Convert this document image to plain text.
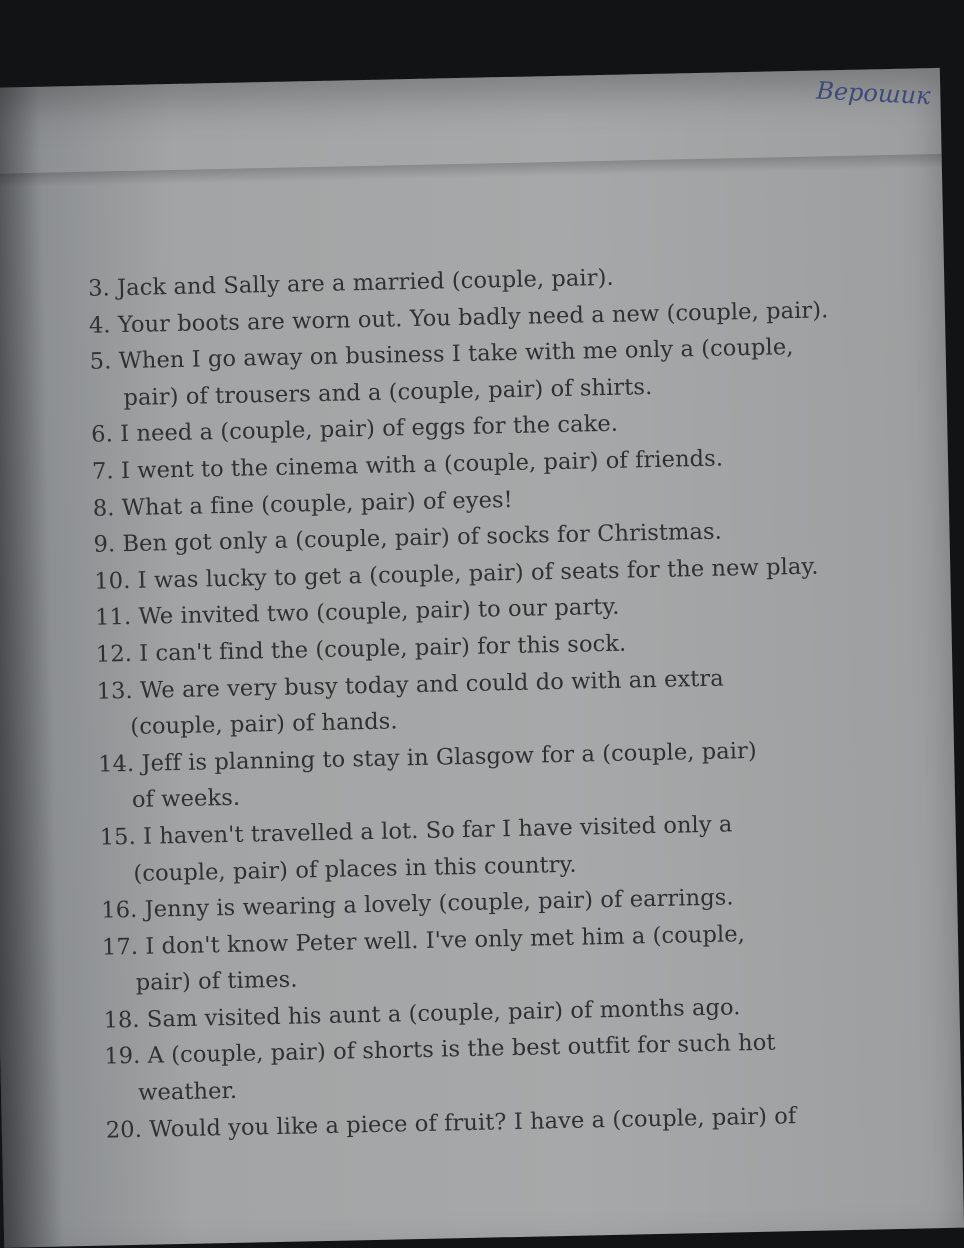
Верошик
3. Jack and Sally are a married (couple, pair).
4. Your boots are worn out. You badly need a new (couple, pair).
5. When I go away on business I take with me only a (couple,
pair) of trousers and a (couple, pair) of shirts.
6. I need a (couple, pair) of eggs for the cake.
7. I went to the cinema with a (couple, pair) of friends.
8. What a fine (couple, pair) of eyes!
9. Ben got only a (couple, pair) of socks for Christmas.
10. I was lucky to get a (couple, pair) of seats for the new play.
11. We invited two (couple, pair) to our party.
12. I can't find the (couple, pair) for this sock.
13. We are very busy today and could do with an extra
(couple, pair) of hands.
14. Jeff is planning to stay in Glasgow for a (couple, pair)
of weeks.
15. I haven't travelled a lot. So far I have visited only a
(couple, pair) of places in this country.
16. Jenny is wearing a lovely (couple, pair) of earrings.
17. I don't know Peter well. I've only met him a (couple,
pair) of times.
18. Sam visited his aunt a (couple, pair) of months ago.
19. A (couple, pair) of shorts is the best outfit for such hot
weather.
20. Would you like a piece of fruit? I have a (couple, pair) of
